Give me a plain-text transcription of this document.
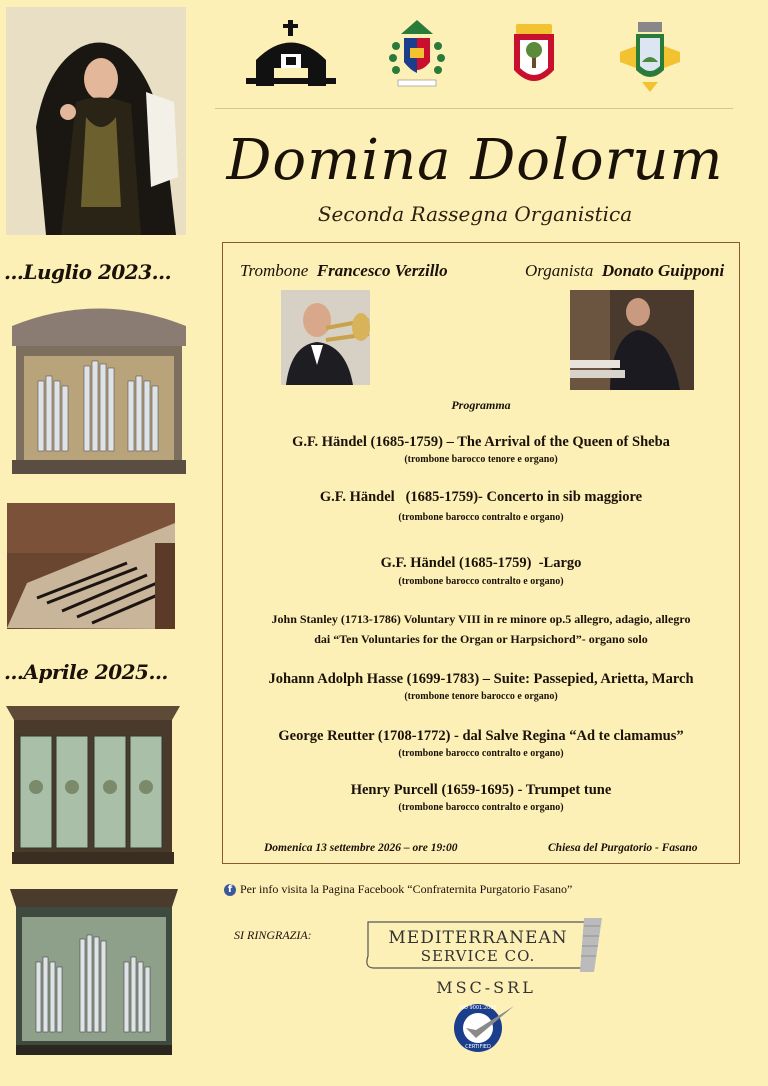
...Luglio 2023...
...Aprile 2025...
Domina Dolorum
Seconda Rassegna Organistica
Trombone Francesco Verzillo	Organista Donato Guipponi
Programma
G.F. Händel (1685-1759) – The Arrival of the Queen of Sheba
(trombone barocco tenore e organo)
G.F. Händel   (1685-1759)- Concerto in sib maggiore
(trombone barocco contralto e organo)
G.F. Händel (1685-1759)  -Largo
(trombone barocco contralto e organo)
John Stanley (1713-1786) Voluntary VIII in re minore op.5 allegro, adagio, allegro
dai “Ten Voluntaries for the Organ or Harpsichord”- organo solo
Johann Adolph Hasse (1699-1783) – Suite: Passepied, Arietta, March
(trombone tenore barocco e organo)
George Reutter (1708-1772) - dal Salve Regina “Ad te clamamus”
(trombone barocco contralto e organo)
Henry Purcell (1659-1695) - Trumpet tune
(trombone barocco contralto e organo)
Domenica 13 settembre 2026 – ore 19:00	Chiesa del Purgatorio - Fasano
f Per info visita la Pagina Facebook “Confraternita Purgatorio Fasano”
SI RINGRAZIA:	MEDITERRANEAN
SERVICE CO.
MSC-SRL
ISO 9001:2008
CERTIFIED
